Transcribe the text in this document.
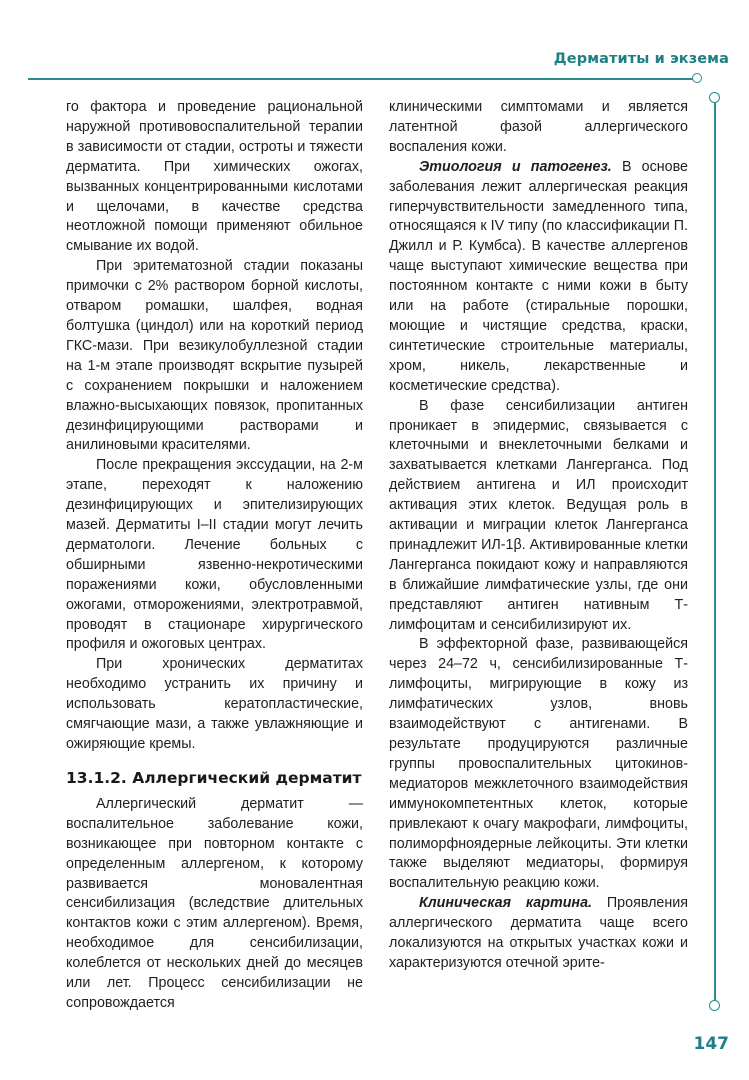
Дерматиты и экзема

го фактора и проведение рациональной наружной противовоспалительной терапии в зависимости от стадии, остроты и тяжести дерматита. При химических ожогах, вызванных концентрированными кислотами и щелочами, в качестве средства неотложной помощи применяют обильное смывание их водой.

При эритематозной стадии показаны примочки с 2% раствором борной кислоты, отваром ромашки, шалфея, водная болтушка (циндол) или на короткий период ГКС-мази. При везикулобуллезной стадии на 1-м этапе производят вскрытие пузырей с сохранением покрышки и наложением влажно-высыхающих повязок, пропитанных дезинфицирующими растворами и анилиновыми красителями.

После прекращения экссудации, на 2-м этапе, переходят к наложению дезинфицирующих и эпителизирующих мазей. Дерматиты I–II стадии могут лечить дерматологи. Лечение больных с обширными язвенно-некротическими поражениями кожи, обусловленными ожогами, отморожениями, электротравмой, проводят в стационаре хирургического профиля и ожоговых центрах.

При хронических дерматитах необходимо устранить их причину и использовать кератопластические, смягчающие мази, а также увлажняющие и ожиряющие кремы.

13.1.2. Аллергический дерматит

Аллергический дерматит — воспалительное заболевание кожи, возникающее при повторном контакте с определенным аллергеном, к которому развивается моновалентная сенсибилизация (вследствие длительных контактов кожи с этим аллергеном). Время, необходимое для сенсибилизации, колеблется от нескольких дней до месяцев или лет. Процесс сенсибилизации не сопровождается

клиническими симптомами и является латентной фазой аллергического воспаления кожи.

Этиология и патогенез. В основе заболевания лежит аллергическая реакция гиперчувствительности замедленного типа, относящаяся к IV типу (по классификации П. Джилл и Р. Кумбса). В качестве аллергенов чаще выступают химические вещества при постоянном контакте с ними кожи в быту или на работе (стиральные порошки, моющие и чистящие средства, краски, синтетические строительные материалы, хром, никель, лекарственные и косметические средства).

В фазе сенсибилизации антиген проникает в эпидермис, связывается с клеточными и внеклеточными белками и захватывается клетками Лангерганса. Под действием антигена и ИЛ происходит активация этих клеток. Ведущая роль в активации и миграции клеток Лангерганса принадлежит ИЛ-1β. Активированные клетки Лангерганса покидают кожу и направляются в ближайшие лимфатические узлы, где они представляют антиген нативным Т-лимфоцитам и сенсибилизируют их.

В эффекторной фазе, развивающейся через 24–72 ч, сенсибилизированные Т-лимфоциты, мигрирующие в кожу из лимфатических узлов, вновь взаимодействуют с антигенами. В результате продуцируются различные группы провоспалительных цитокинов-медиаторов межклеточного взаимодействия иммунокомпетентных клеток, которые привлекают к очагу макрофаги, лимфоциты, полиморфноядерные лейкоциты. Эти клетки также выделяют медиаторы, формируя воспалительную реакцию кожи.

Клиническая картина. Проявления аллергического дерматита чаще всего локализуются на открытых участках кожи и характеризуются отечной эрите-

147
